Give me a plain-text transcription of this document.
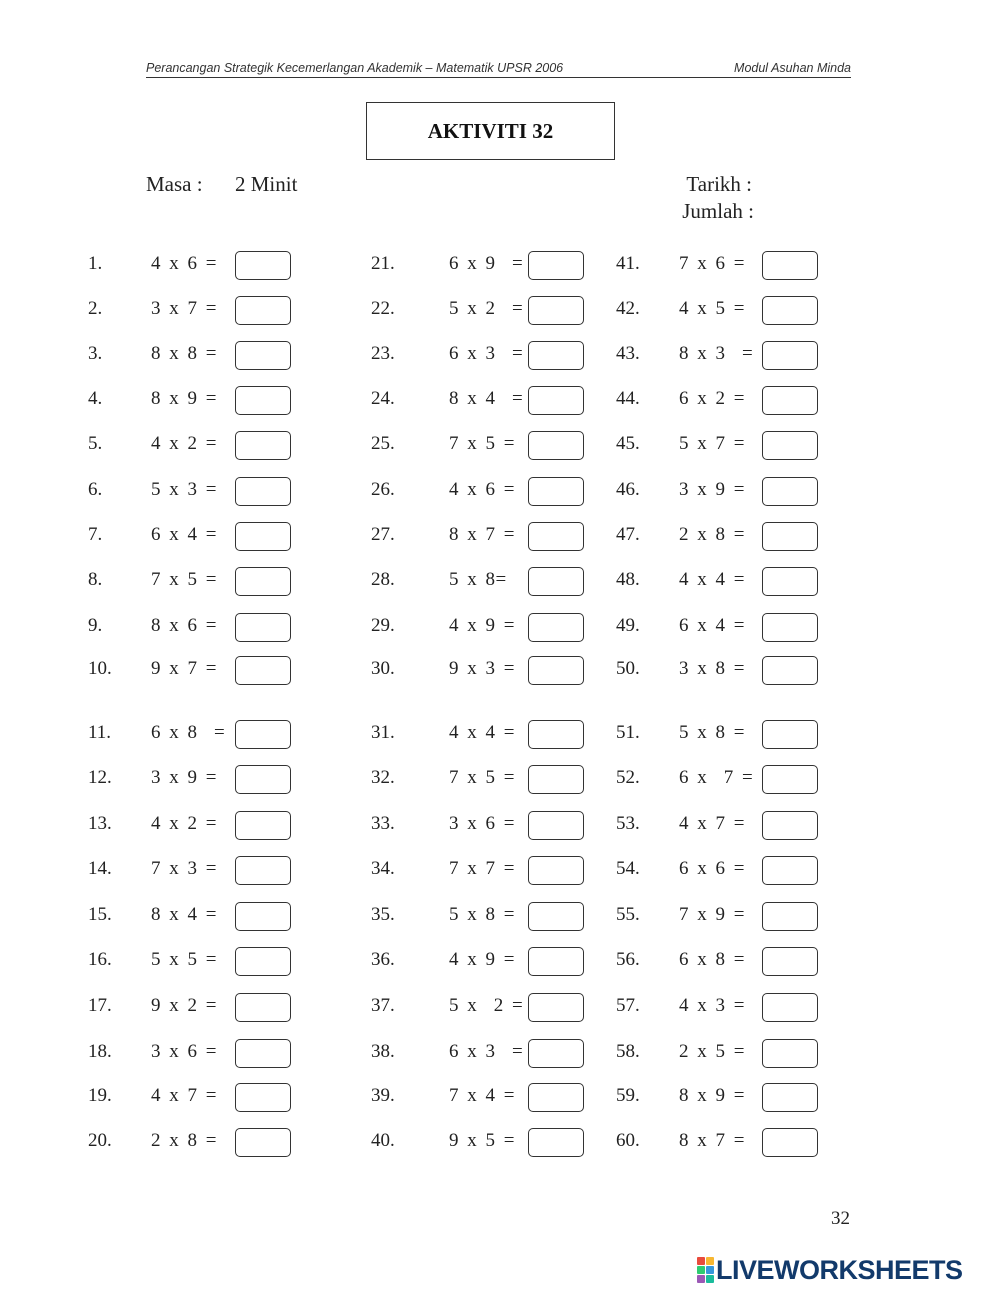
Perancangan Strategik Kecemerlangan Akademik – Matematik UPSR 2006	Modul Asuhan Minda
AKTIVITI 32
Masa : 2 Minit	Tarikh :
Jumlah :
1.	4 x 6 =
2.	3 x 7 =
3.	8 x 8 =
4.	8 x 9 =
5.	4 x 2 =
6.	5 x 3 =
7.	6 x 4 =
8.	7 x 5 =
9.	8 x 6 =
10.	9 x 7 =
11.	6 x 8  =
12.	3 x 9 =
13.	4 x 2 =
14.	7 x 3 =
15.	8 x 4 =
16.	5 x 5 =
17.	9 x 2 =
18.	3 x 6 =
19.	4 x 7 =
20.	2 x 8 =
21.	6 x 9  =
22.	5 x 2  =
23.	6 x 3  =
24.	8 x 4  =
25.	7 x 5 =
26.	4 x 6 =
27.	8 x 7 =
28.	5 x 8=
29.	4 x 9 =
30.	9 x 3 =
31.	4 x 4 =
32.	7 x 5 =
33.	3 x 6 =
34.	7 x 7 =
35.	5 x 8 =
36.	4 x 9 =
37.	5 x  2 =
38.	6 x 3  =
39.	7 x 4 =
40.	9 x 5 =
41.	7 x 6 =
42.	4 x 5 =
43.	8 x 3  =
44.	6 x 2 =
45.	5 x 7 =
46.	3 x 9 =
47.	2 x 8 =
48.	4 x 4 =
49.	6 x 4 =
50.	3 x 8 =
51.	5 x 8 =
52.	6 x  7 =
53.	4 x 7 =
54.	6 x 6 =
55.	7 x 9 =
56.	6 x 8 =
57.	4 x 3 =
58.	2 x 5 =
59.	8 x 9 =
60.	8 x 7 =
32
LIVEWORKSHEETS
